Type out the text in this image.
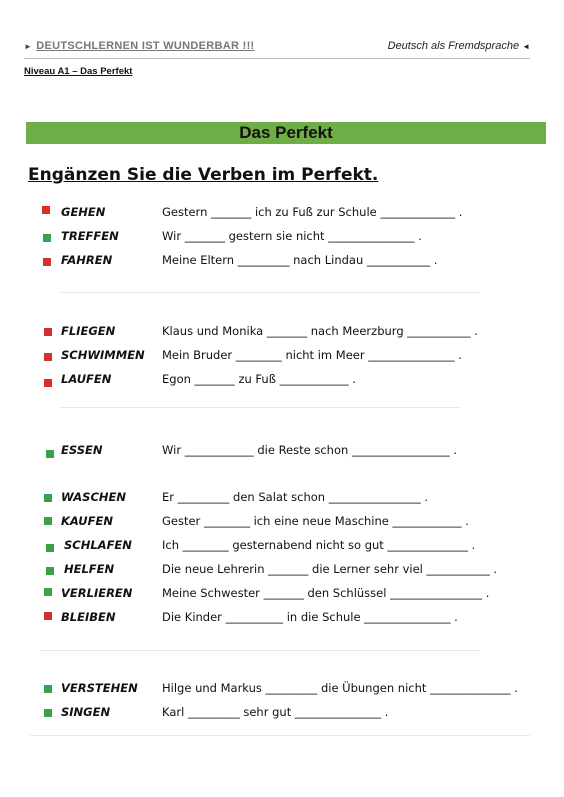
► DEUTSCHLERNEN IST WUNDERBAR !!!	Deutsch als Fremdsprache ◄
Niveau A1 – Das Perfekt
Das Perfekt
Engänzen Sie die Verben im Perfekt.
GEHEN	Gestern _______ ich zu Fuß zur Schule _____________ .
TREFFEN	Wir _______ gestern sie nicht _______________ .
FAHREN	Meine Eltern _________ nach Lindau ___________ .
FLIEGEN	Klaus und Monika _______ nach Meerzburg ___________ .
SCHWIMMEN Mein Bruder ________ nicht im Meer _______________ .
LAUFEN	Egon _______ zu Fuß ____________ .
ESSEN	Wir ____________ die Reste schon _________________ .
WASCHEN	Er _________ den Salat schon ________________ .
KAUFEN	Gester ________ ich eine neue Maschine ____________ .
SCHLAFEN	Ich ________ gesternabend nicht so gut ______________ .
HELFEN	Die neue Lehrerin _______ die Lerner sehr viel ___________ .
VERLIEREN	Meine Schwester _______ den Schlüssel ________________ .
BLEIBEN	Die Kinder __________ in die Schule _______________ .
VERSTEHEN Hilge und Markus _________ die Übungen nicht ______________ .
SINGEN	Karl _________ sehr gut _______________ .
